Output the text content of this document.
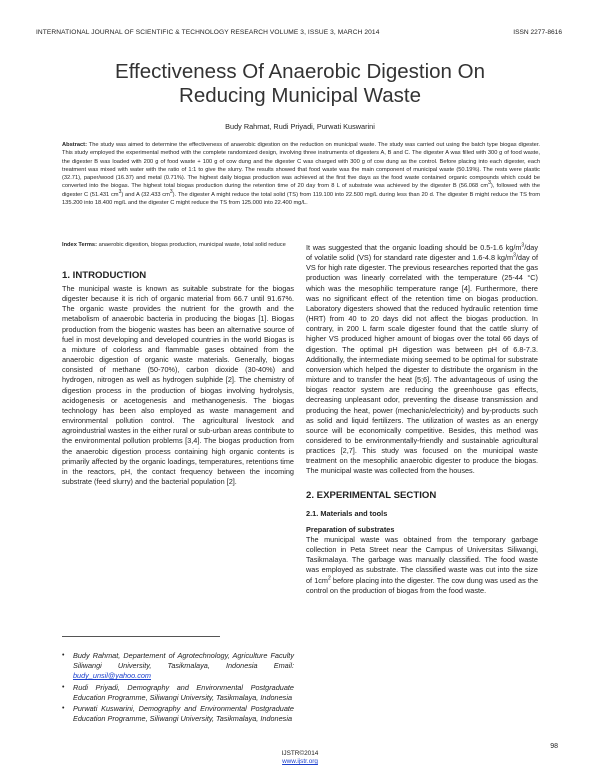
INTERNATIONAL JOURNAL OF SCIENTIFIC & TECHNOLOGY RESEARCH VOLUME 3, ISSUE 3, MARCH 2014	ISSN 2277-8616
Effectiveness Of Anaerobic Digestion On
Reducing Municipal Waste
Budy Rahmat, Rudi Priyadi, Purwati Kuswarini
Abstract: The study was aimed to determine the effectiveness of anaerobic digestion on the reduction on municipal waste. The study was carried out using the batch type biogas digester. This study employed the experimental method with the complete randomized design, involving three instruments of digesters A, B and C. The digester A was filled with 300 g of food waste, the digester B was loaded with 200 g of food waste + 100 g of cow dung and the digester C was charged with 300 g of cow dung as the control. Before placing into each digester, each treatment was mixed with water with the ratio of 1:1 to give the slurry. The results showed that food waste was the main component of municipal waste (50.19%). The rests were plastic (32.71), paper/wood (16.37) and metal (0.71%). The highest daily biogas production was achieved at the first five days as the food waste contained organic compounds which could be converted into the biogas. The highest total biogas production during the retention time of 20 day from 8 L of substrate was achieved by the digester B (56.068 $cm^3$), followed with the digester C (51.431 $cm^3$) and A (32.433 $cm^3$). The digester A might reduce the total solid (TS) from 119.100 into 22.500 mg/L during less than 20 d. The digester B might reduce the TS from 135.200 into 18.400 mg/L and the digester C might reduce the TS from 125.000 into 22.400 mg/L.
Index Terms: anaerobic digestion, biogas production, municipal waste, total solid reduce
1. INTRODUCTION

The municipal waste is known as suitable substrate for the biogas digester because it is rich of organic material from 66.7 until 91.67%. The organic waste provides the nutrient for the growth and the metabolism of anaerobic bacteria in producing the biogas [1]. Biogas production from the biogenic wastes has been an alternative source of fuel in most developing and developed countries in the world Biogas is a mixture of colorless and flammable gases obtained from the anaerobic digestion of organic waste materials. Generally, biogas consisted of methane (50-70%), carbon dioxide (30-40%) and hydrogen, nitrogen as well as hydrogen sulphide [2]. The chemistry of digestion process in the production of biogas involving hydrolysis, acidogenesis or acetogenesis and methanogenesis. The biogas technology has been also employed as waste management and environmental pollution control. The agricultural livestock and agroindustrial wastes in the either rural or sub-urban areas contribute to the environmental pollution problems [3,4]. The biogas production from the anaerobic digestion process containing high organic contents is primarily affected by the organic loadings, temperatures, retentions time in the reactors, pH, the contact frequency between the incoming substrate (feed slurry) and the bacterial population [2].

It was suggested that the organic loading should be 0.5-1.6 $kg/m^3$/day of volatile solid (VS) for standard rate digester and 1.6-4.8 $kg/m^3$/day of VS for high rate digester. The previous researches reported that the gas production was linearly correlated with the temperature (25-44 °C) which was the mesophilic temperature range [4]. Furthermore, there was no significant effect of the retention time on biogas production. Laboratory digesters showed that the reduced hydraulic retention time (HRT) from 40 to 20 days did not affect the biogas production. In contrary, in 200 L farm scale digester found that the cattle slurry of higher VS produced higher amount of biogas over the total 66 days of digestion. The optimal pH digestion was between pH of 6.8-7.3. Additionally, the intermediate mixing seemed to be optimal for substrate conversion which helped the digester to distribute the organism in the mixture and to transfer the heat [5;6]. The advantageous of using the biogas reactor system are reducing the greenhouse gas effects, decreasing unpleasant odor, preventing the disease transmission and producing the heat, power (mechanic/electricity) and by-products such as solid and liquid fertilizers. The utilization of wastes as an energy source will be economically competitive. Besides, this method was considered to be environmentally-friendly and sustainable agricultural practices [2,7]. This study was focused on the municipal waste treatment on the mesophilic anaerobic digester to produce the biogas. The municipal waste was collected from the houses.

2. EXPERIMENTAL SECTION
2.1. Materials and tools
Preparation of substrates

The municipal waste was obtained from the temporary garbage collection in Peta Street near the Campus of Universitas Siliwangi, Tasikmalaya. The garbage was manually classified. The food waste was employed as substrate. The classified waste was cut into the size of $1cm^2$ before placing into the digester. The cow dung was used as the control on the production of biogas from the food waste.

• Budy Rahmat, Departement of Agrotechnology, Agriculture Faculty Siliwangi University, Tasikmalaya, Indonesia Email: budy_unsil@yahoo.com
• Rudi Priyadi, Demography and Environmental Postgraduate Education Programme, Siliwangi University, Tasikmalaya, Indonesia
• Purwati Kuswarini, Demography and Environmental Postgraduate Education Programme, Siliwangi University, Tasikmalaya, Indonesia
98
IJSTR©2014
www.ijstr.org
